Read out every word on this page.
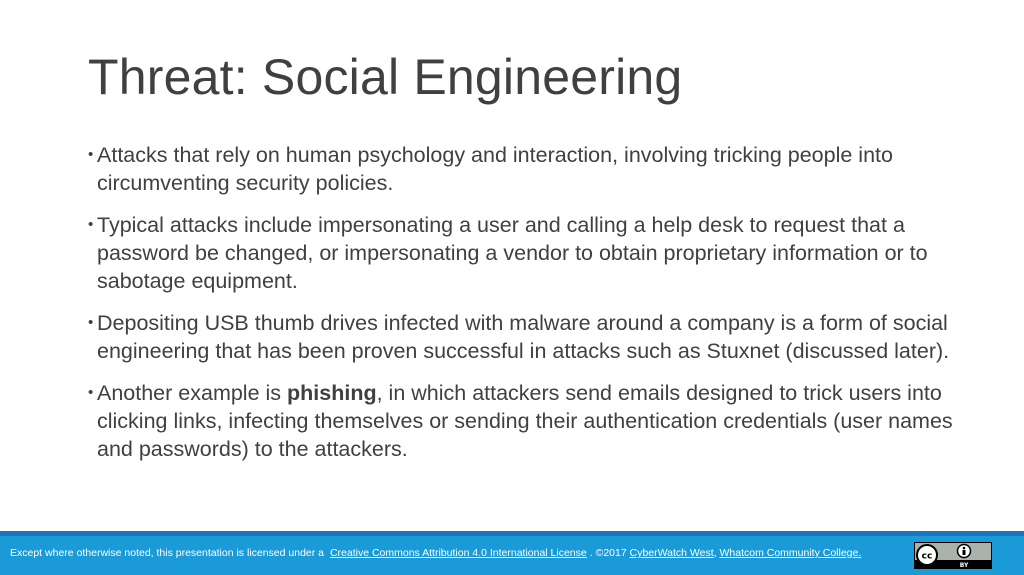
Threat: Social Engineering
• Attacks that rely on human psychology and interaction, involving tricking people into circumventing security policies.
• Typical attacks include impersonating a user and calling a help desk to request that a password be changed, or impersonating a vendor to obtain proprietary information or to sabotage equipment.
• Depositing USB thumb drives infected with malware around a company is a form of social engineering that has been proven successful in attacks such as Stuxnet (discussed later).
• Another example is phishing, in which attackers send emails designed to trick users into clicking links, infecting themselves or sending their authentication credentials (user names and passwords) to the attackers.
Except where otherwise noted, this presentation is licensed under a Creative Commons Attribution 4.0 International License . ©2017 CyberWatch West, Whatcom Community College.	cc
BY
